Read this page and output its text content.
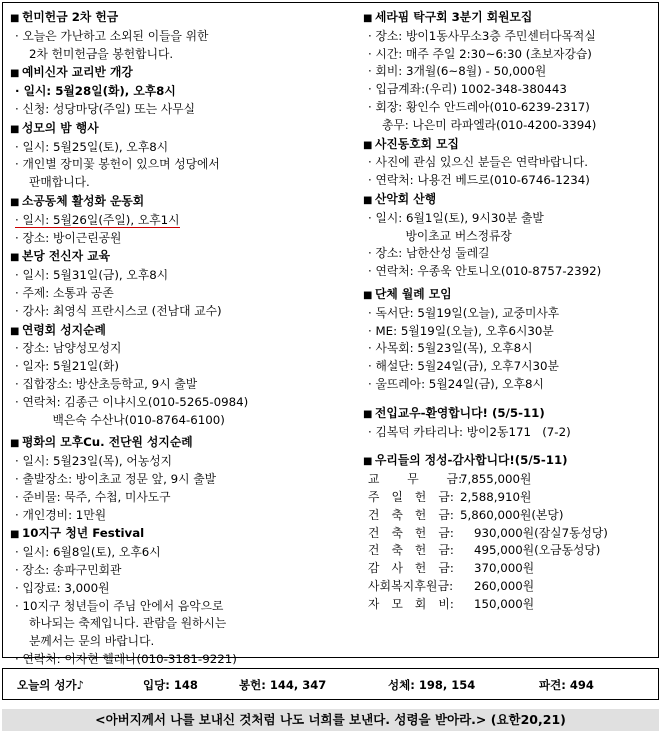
■ 헌미헌금 2차 헌금
· 오늘은 가난하고 소외된 이들을 위한
2차 헌미헌금을 봉헌합니다.
■ 예비신자 교리반 개강
· 일시: 5월28일(화), 오후8시
· 신청: 성당마당(주일) 또는 사무실
■ 성모의 밤 행사
· 일시: 5월25일(토), 오후8시
· 개인별 장미꽃 봉헌이 있으며 성당에서
판매합니다.
■ 소공동체 활성화 운동회
· 일시: 5월26일(주일), 오후1시
· 장소: 방이근린공원
■ 본당 전신자 교육
· 일시: 5월31일(금), 오후8시
· 주제: 소통과 공존
· 강사: 최영식 프란시스코 (전남대 교수)
■ 연령회 성지순례
· 장소: 남양성모성지
· 일자: 5월21일(화)
· 집합장소: 방산초등학교, 9시 출발
· 연락처: 김종근 이냐시오(010-5265-0984)
백은숙 수산나(010-8764-6100)
■ 평화의 모후Cu. 전단원 성지순례
· 일시: 5월23일(목), 어농성지
· 출발장소: 방이초교 정문 앞, 9시 출발
· 준비물: 묵주, 수첩, 미사도구
· 개인경비: 1만원
■ 10지구 청년 Festival
· 일시: 6월8일(토), 오후6시
· 장소: 송파구민회관
· 입장료: 3,000원
· 10지구 청년들이 주님 안에서 음악으로
하나되는 축제입니다. 관람을 원하시는
분께서는 문의 바랍니다.
· 연락처: 이자현 헬레나(010-3181-9221)
■ 세라핌 탁구회 3분기 회원모집
· 장소: 방이1동사무소3층 주민센터다목적실
· 시간: 매주 주일 2:30~6:30 (초보자강습)
· 회비: 3개월(6~8월) - 50,000원
· 입금계좌:(우리) 1002-348-380443
· 회장: 황인수 안드레아(010-6239-2317)
총무: 나은미 라파엘라(010-4200-3394)
■ 사진동호회 모집
· 사진에 관심 있으신 분들은 연락바랍니다.
· 연락처: 나용건 베드로(010-6746-1234)
■ 산악회 산행
· 일시: 6월1일(토), 9시30분 출발
방이초교 버스정류장
· 장소: 남한산성 둘레길
· 연락처: 우종욱 안토니오(010-8757-2392)
■ 단체 월례 모임
· 독서단: 5월19일(오늘), 교중미사후
· ME: 5월19일(오늘), 오후6시30분
· 사목회: 5월23일(목), 오후8시
· 해설단: 5월24일(금), 오후7시30분
· 울뜨레아: 5월24일(금), 오후8시
■ 전입교우-환영합니다! (5/5-11)
· 김복덕 카타리나: 방이2동171   (7-2)
■ 우리들의 정성-감사합니다!(5/5-11)
교       무       금:
7,855,000원
주   일   헌   금: 2,588,910원
건   축   헌   금: 5,860,000원(본당)
건   축   헌   금:	930,000원(잠실7동성당)
건   축   헌   금:	495,000원(오금동성당)
감   사   헌   금:	370,000원
사회복지후원금:	260,000원
자   모   회   비:	150,000원
오늘의 성가♪	입당: 148	봉헌: 144, 347	성체: 198, 154	파견: 494
<아버지께서 나를 보내신 것처럼 나도 너희를 보낸다. 성령을 받아라.> (요한20,21)
